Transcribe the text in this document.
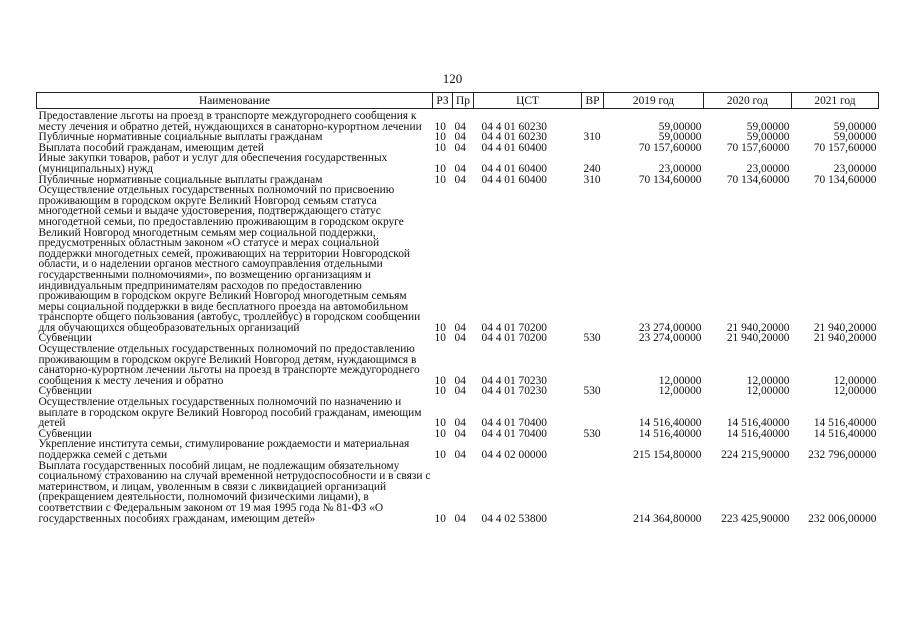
120
Наименование	РЗ	Пр	ЦСТ	ВР	2019 год	2020 год	2021 год

Предоставление льготы на проезд в транспорте междугороднего сообщения к месту лечения и обратно детей, нуждающихся в санаторно-курортном лечении	10	04	04 4 01 60230		59,00000	59,00000	59,00000
Публичные нормативные социальные выплаты гражданам	10	04	04 4 01 60230	310	59,00000	59,00000	59,00000
Выплата пособий гражданам, имеющим детей	10	04	04 4 01 60400		70 157,60000	70 157,60000	70 157,60000
Иные закупки товаров, работ и услуг для обеспечения государственных (муниципальных) нужд	10	04	04 4 01 60400	240	23,00000	23,00000	23,00000
Публичные нормативные социальные выплаты гражданам	10	04	04 4 01 60400	310	70 134,60000	70 134,60000	70 134,60000
Осуществление отдельных государственных полномочий по присвоению проживающим в городском округе Великий Новгород семьям статуса многодетной семьи и выдаче удостоверения, подтверждающего статус многодетной семьи, по предоставлению проживающим в городском округе Великий Новгород многодетным семьям мер социальной поддержки, предусмотренных областным законом «О статусе и мерах социальной поддержки многодетных семей, проживающих на территории Новгородской области, и о наделении органов местного самоуправления отдельными государственными полномочиями», по возмещению организациям и индивидуальным предпринимателям расходов по предоставлению проживающим в городском округе Великий Новгород многодетным семьям меры социальной поддержки в виде бесплатного проезда на автомобильном транспорте общего пользования (автобус, троллейбус) в городском сообщении для обучающихся общеобразовательных организаций	10	04	04 4 01 70200		23 274,00000	21 940,20000	21 940,20000
Субвенции	10	04	04 4 01 70200	530	23 274,00000	21 940,20000	21 940,20000
Осуществление отдельных государственных полномочий по предоставлению проживающим в городском округе Великий Новгород детям, нуждающимся в санаторно-курортном лечении льготы на проезд в транспорте междугороднего сообщения к месту лечения и обратно	10	04	04 4 01 70230		12,00000	12,00000	12,00000
Субвенции	10	04	04 4 01 70230	530	12,00000	12,00000	12,00000
Осуществление отдельных государственных полномочий по назначению и выплате в городском округе Великий Новгород пособий гражданам, имеющим детей	10	04	04 4 01 70400		14 516,40000	14 516,40000	14 516,40000
Субвенции	10	04	04 4 01 70400	530	14 516,40000	14 516,40000	14 516,40000
Укрепление института семьи, стимулирование рождаемости и материальная поддержка семей с детьми	10	04	04 4 02 00000		215 154,80000	224 215,90000	232 796,00000
Выплата государственных пособий лицам, не подлежащим обязательному социальному страхованию на случай временной нетрудоспособности и в связи с материнством, и лицам, уволенным в связи с ликвидацией организаций (прекращением деятельности, полномочий физическими лицами), в соответствии с Федеральным законом от 19 мая 1995 года № 81-ФЗ «О государственных пособиях гражданам, имеющим детей»	10	04	04 4 02 53800		214 364,80000	223 425,90000	232 006,00000
